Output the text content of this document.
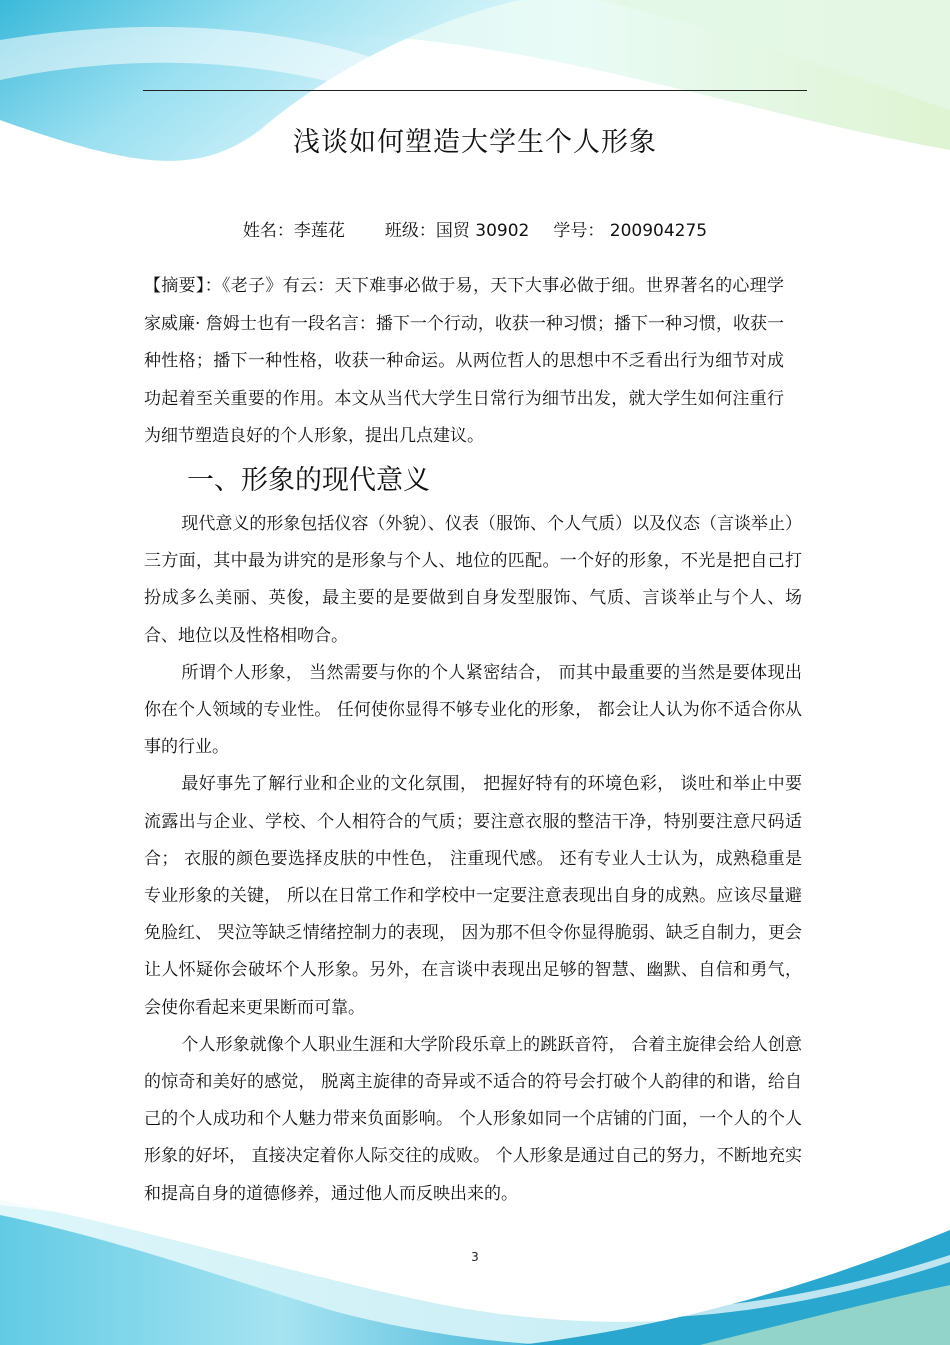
浅谈如何塑造大学生个人形象
姓名：李莲花 班级：国贸 30902 学号： 200904275
【摘要】：《老子》有云：天下难事必做于易，天下大事必做于细。世界著名的心理学家威廉· 詹姆士也有一段名言：播下一个行动，收获一种习惯；播下一种习惯，收获一种性格；播下一种性格，收获一种命运。从两位哲人的思想中不乏看出行为细节对成功起着至关重要的作用。本文从当代大学生日常行为细节出发，就大学生如何注重行为细节塑造良好的个人形象，提出几点建议。
一、形象的现代意义

现代意义的形象包括仪容（外貌）、仪表（服饰、个人气质）以及仪态（言谈举止）三方面，其中最为讲究的是形象与个人、地位的匹配。一个好的形象，不光是把自己打扮成多么美丽、英俊，最主要的是要做到自身发型服饰、气质、言谈举止与个人、场合、地位以及性格相吻合。

所谓个人形象， 当然需要与你的个人紧密结合， 而其中最重要的当然是要体现出你在个人领域的专业性。 任何使你显得不够专业化的形象， 都会让人认为你不适合你从事的行业。

最好事先了解行业和企业的文化氛围， 把握好特有的环境色彩， 谈吐和举止中要流露出与企业、学校、个人相符合的气质；要注意衣服的整洁干净，特别要注意尺码适合； 衣服的颜色要选择皮肤的中性色， 注重现代感。 还有专业人士认为，成熟稳重是专业形象的关键， 所以在日常工作和学校中一定要注意表现出自身的成熟。应该尽量避免脸红、 哭泣等缺乏情绪控制力的表现， 因为那不但令你显得脆弱、缺乏自制力，更会让人怀疑你会破坏个人形象。另外，在言谈中表现出足够的智慧、幽默、自信和勇气，会使你看起来更果断而可靠。

个人形象就像个人职业生涯和大学阶段乐章上的跳跃音符， 合着主旋律会给人创意的惊奇和美好的感觉， 脱离主旋律的奇异或不适合的符号会打破个人韵律的和谐，给自己的个人成功和个人魅力带来负面影响。 个人形象如同一个店铺的门面，一个人的个人形象的好坏， 直接决定着你人际交往的成败。 个人形象是通过自己的努力，不断地充实和提高自身的道德修养，通过他人而反映出来的。

3
